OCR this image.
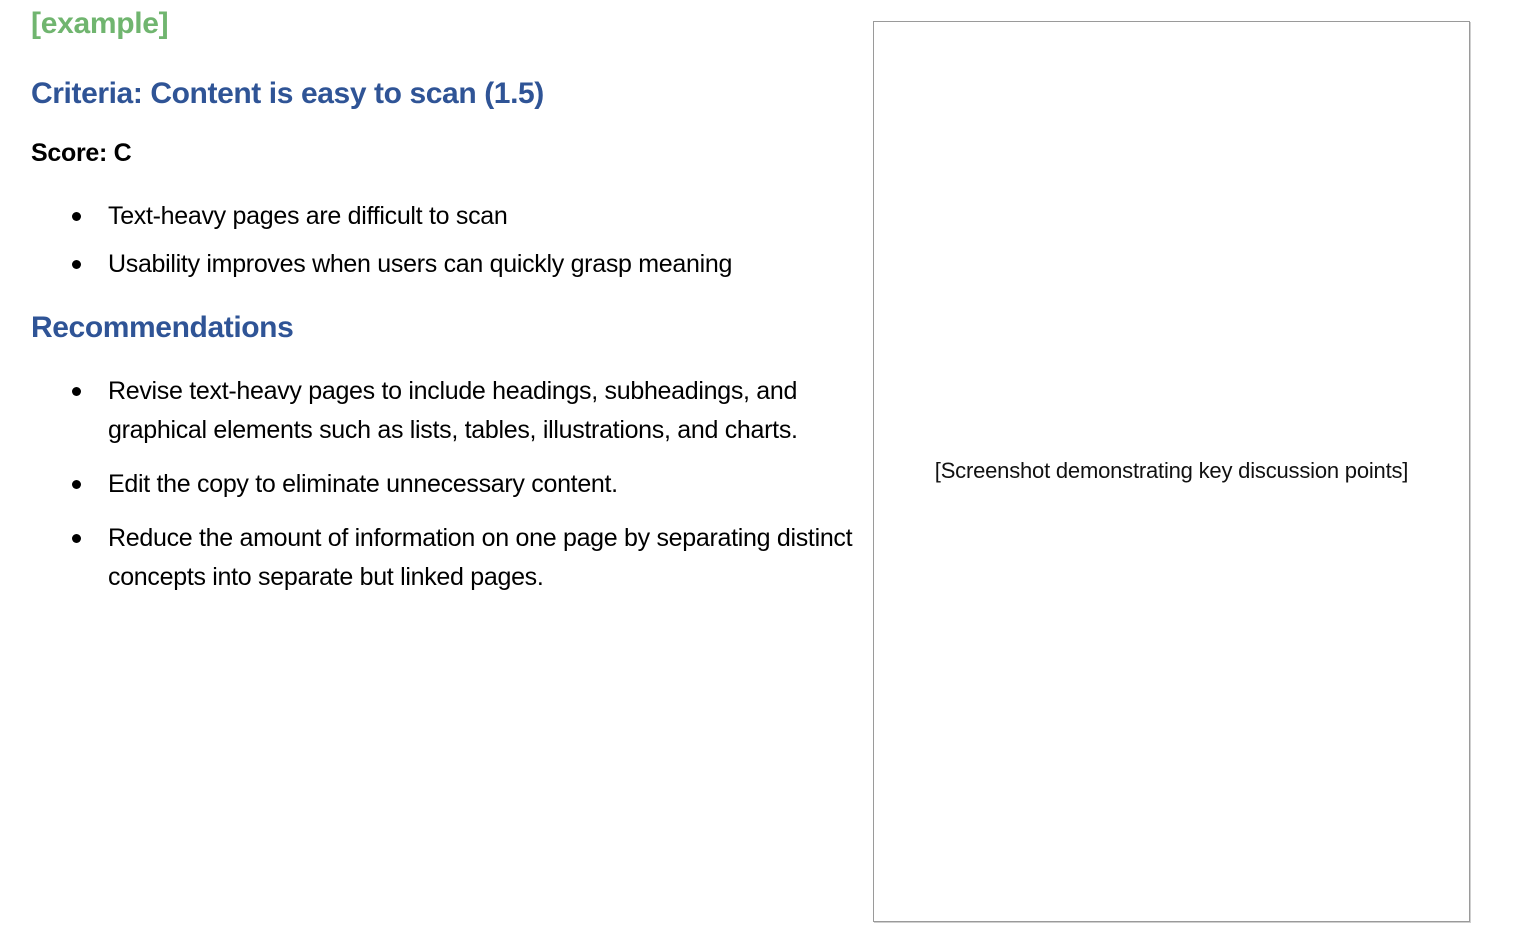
[example]
Criteria: Content is easy to scan (1.5)
Score: C
Text-heavy pages are difficult to scan
Usability improves when users can quickly grasp meaning
Recommendations
Revise text-heavy pages to include headings, subheadings, and graphical elements such as lists, tables, illustrations, and charts.
Edit the copy to eliminate unnecessary content.
Reduce the amount of information on one page by separating distinct concepts into separate but linked pages.
[Screenshot demonstrating key discussion points]
